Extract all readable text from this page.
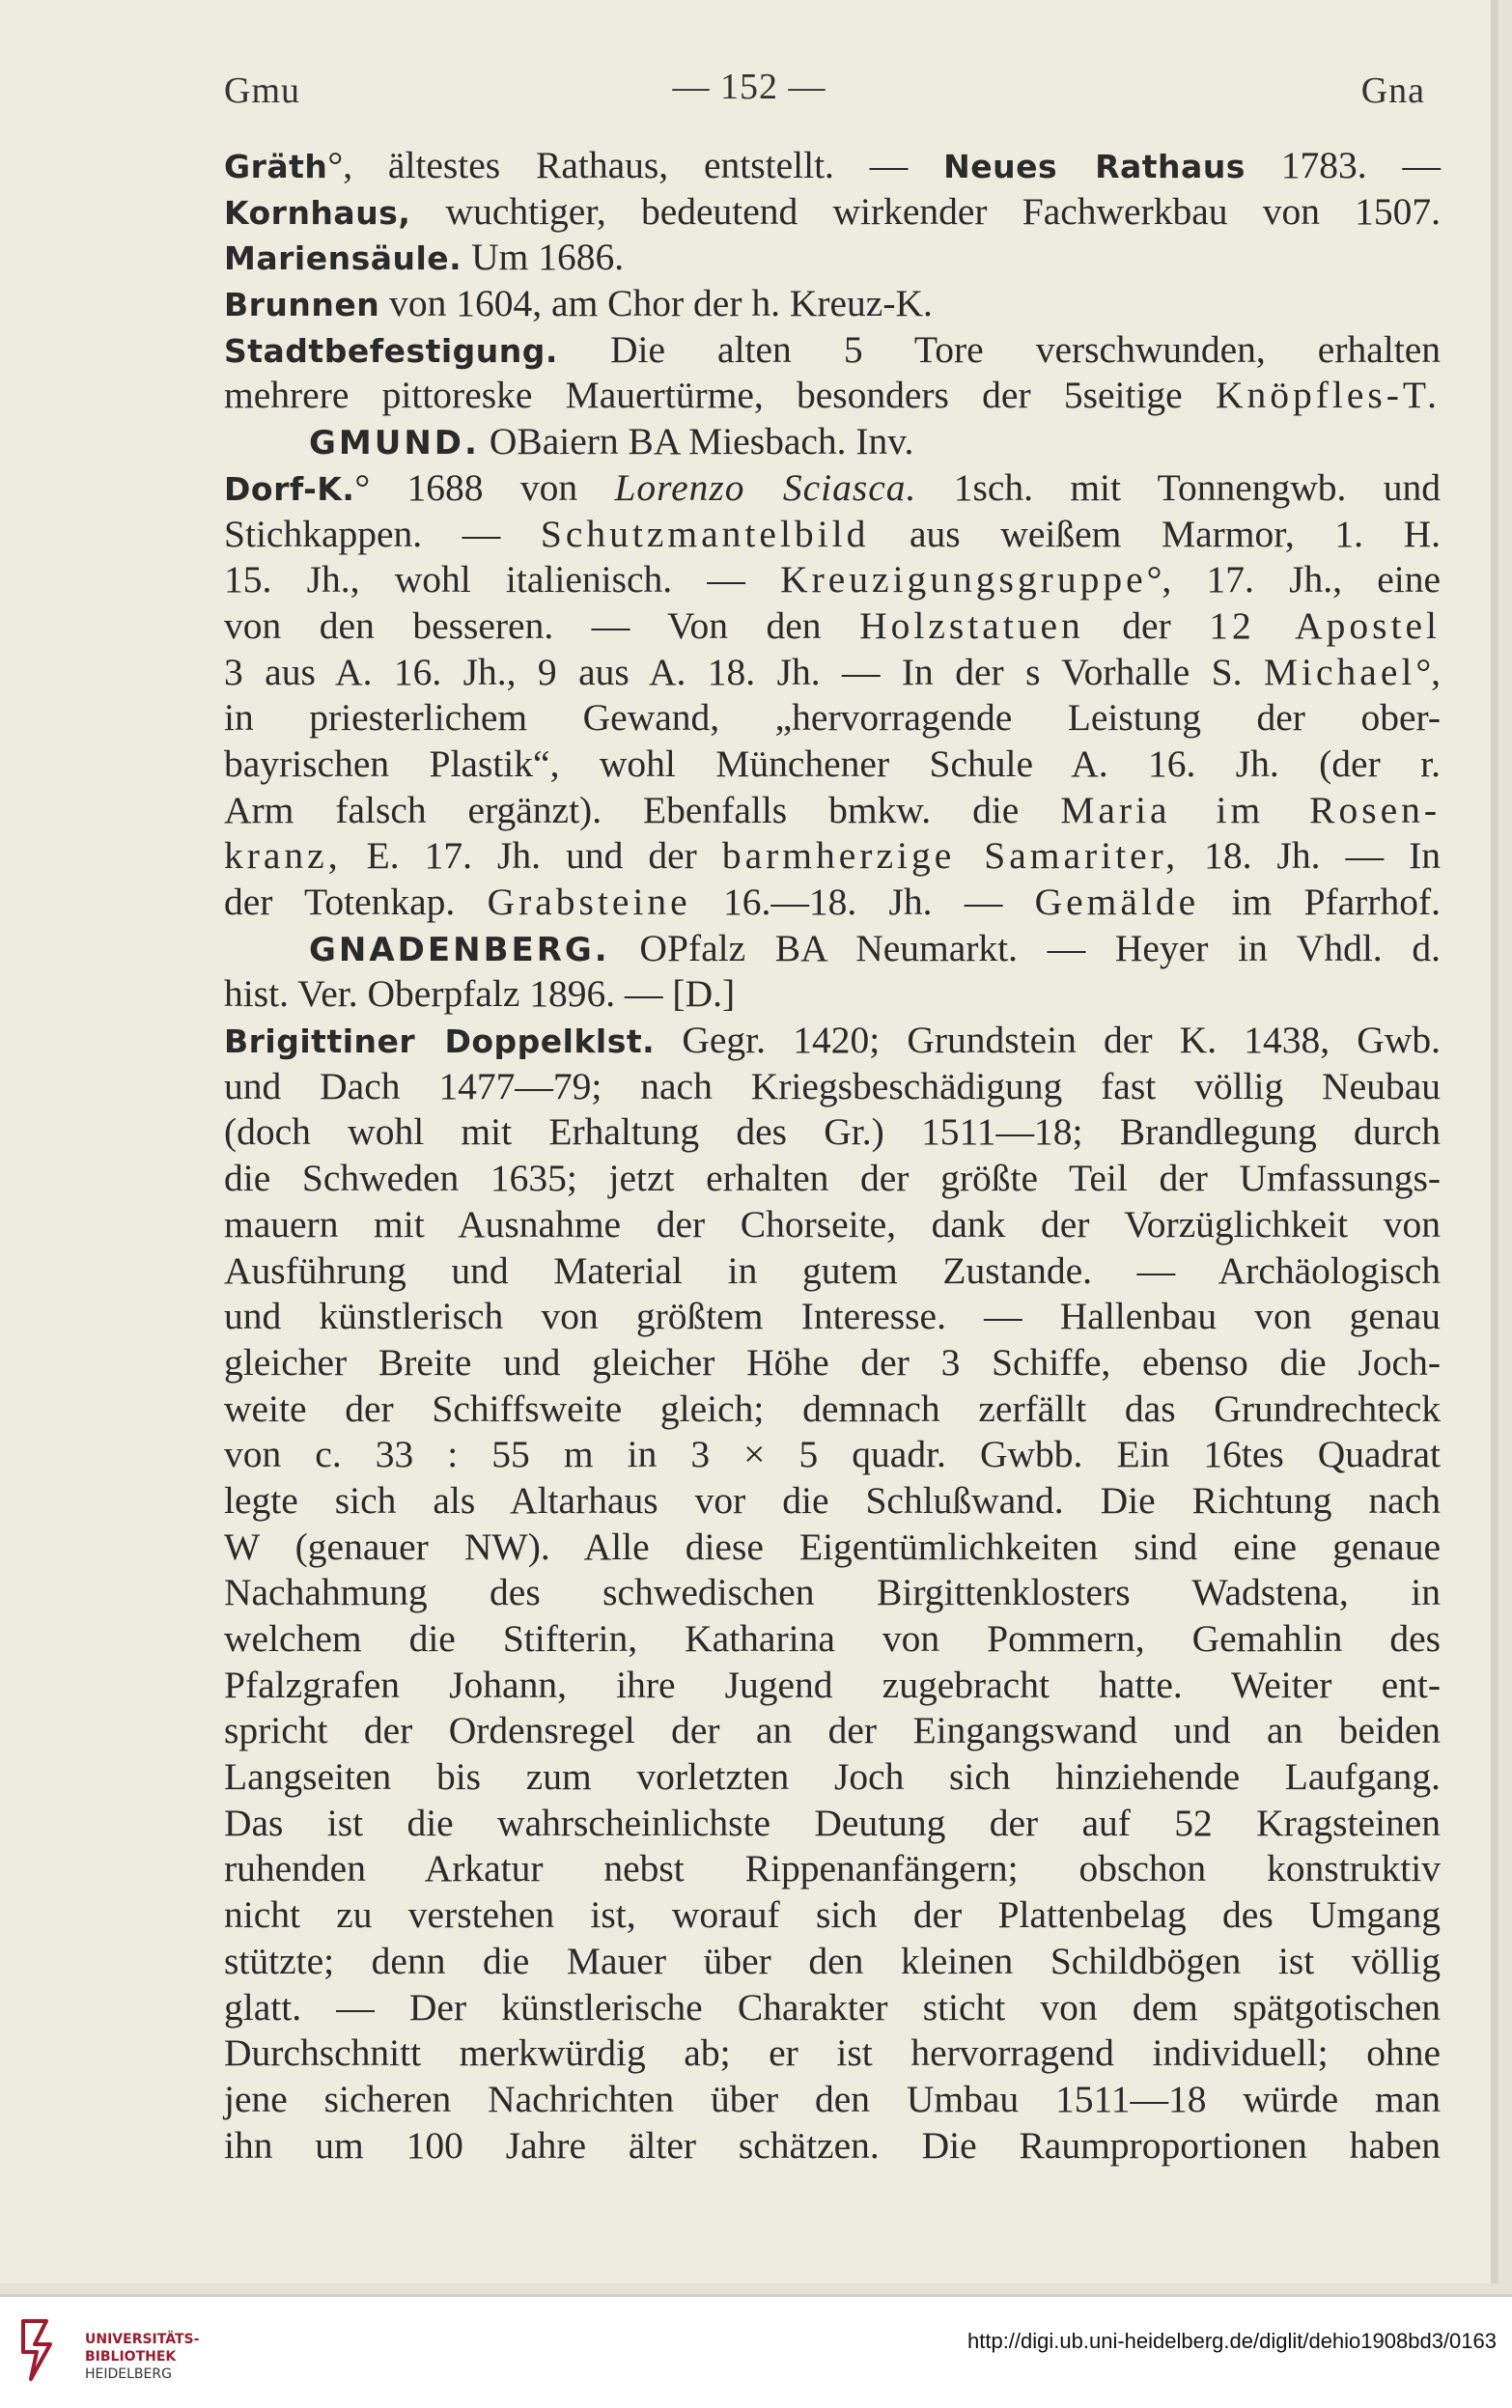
Gmu	— 152 —	Gna
Gräth°, ältestes Rathaus, entstellt. — Neues Rathaus 1783. —
Kornhaus, wuchtiger, bedeutend wirkender Fachwerkbau von 1507.
Mariensäule. Um 1686.
Brunnen von 1604, am Chor der h. Kreuz-K.
Stadtbefestigung. Die alten 5 Tore verschwunden, erhalten
mehrere pittoreske Mauertürme, besonders der 5seitige Knöpfles-T.
GMUND. OBaiern BA Miesbach. Inv.
Dorf-K.° 1688 von Lorenzo Sciasca. 1sch. mit Tonnengwb. und
Stichkappen. — Schutzmantelbild aus weißem Marmor, 1. H.
15. Jh., wohl italienisch. — Kreuzigungsgruppe°, 17. Jh., eine
von den besseren. — Von den Holzstatuen der 12 Apostel
3 aus A. 16. Jh., 9 aus A. 18. Jh. — In der s Vorhalle S. Michael°,
in priesterlichem Gewand, „hervorragende Leistung der ober-
bayrischen Plastik“, wohl Münchener Schule A. 16. Jh. (der r.
Arm falsch ergänzt). Ebenfalls bmkw. die Maria im Rosen-
kranz, E. 17. Jh. und der barmherzige Samariter, 18. Jh. — In
der Totenkap. Grabsteine 16.—18. Jh. — Gemälde im Pfarrhof.
GNADENBERG. OPfalz BA Neumarkt. — Heyer in Vhdl. d.
hist. Ver. Oberpfalz 1896. — [D.]
Brigittiner Doppelklst. Gegr. 1420; Grundstein der K. 1438, Gwb.
und Dach 1477—79; nach Kriegsbeschädigung fast völlig Neubau
(doch wohl mit Erhaltung des Gr.) 1511—18; Brandlegung durch
die Schweden 1635; jetzt erhalten der größte Teil der Umfassungs-
mauern mit Ausnahme der Chorseite, dank der Vorzüglichkeit von
Ausführung und Material in gutem Zustande. — Archäologisch
und künstlerisch von größtem Interesse. — Hallenbau von genau
gleicher Breite und gleicher Höhe der 3 Schiffe, ebenso die Joch-
weite der Schiffsweite gleich; demnach zerfällt das Grundrechteck
von c. 33 : 55 m in 3 × 5 quadr. Gwbb. Ein 16tes Quadrat
legte sich als Altarhaus vor die Schlußwand. Die Richtung nach
W (genauer NW). Alle diese Eigentümlichkeiten sind eine genaue
Nachahmung des schwedischen Birgittenklosters Wadstena, in
welchem die Stifterin, Katharina von Pommern, Gemahlin des
Pfalzgrafen Johann, ihre Jugend zugebracht hatte. Weiter ent-
spricht der Ordensregel der an der Eingangswand und an beiden
Langseiten bis zum vorletzten Joch sich hinziehende Laufgang.
Das ist die wahrscheinlichste Deutung der auf 52 Kragsteinen
ruhenden Arkatur nebst Rippenanfängern; obschon konstruktiv
nicht zu verstehen ist, worauf sich der Plattenbelag des Umgang
stützte; denn die Mauer über den kleinen Schildbögen ist völlig
glatt. — Der künstlerische Charakter sticht von dem spätgotischen
Durchschnitt merkwürdig ab; er ist hervorragend individuell; ohne
jene sicheren Nachrichten über den Umbau 1511—18 würde man
ihn um 100 Jahre älter schätzen. Die Raumproportionen haben
UNIVERSITÄTS-
BIBLIOTHEK
HEIDELBERG
http://digi.ub.uni-heidelberg.de/diglit/dehio1908bd3/0163
